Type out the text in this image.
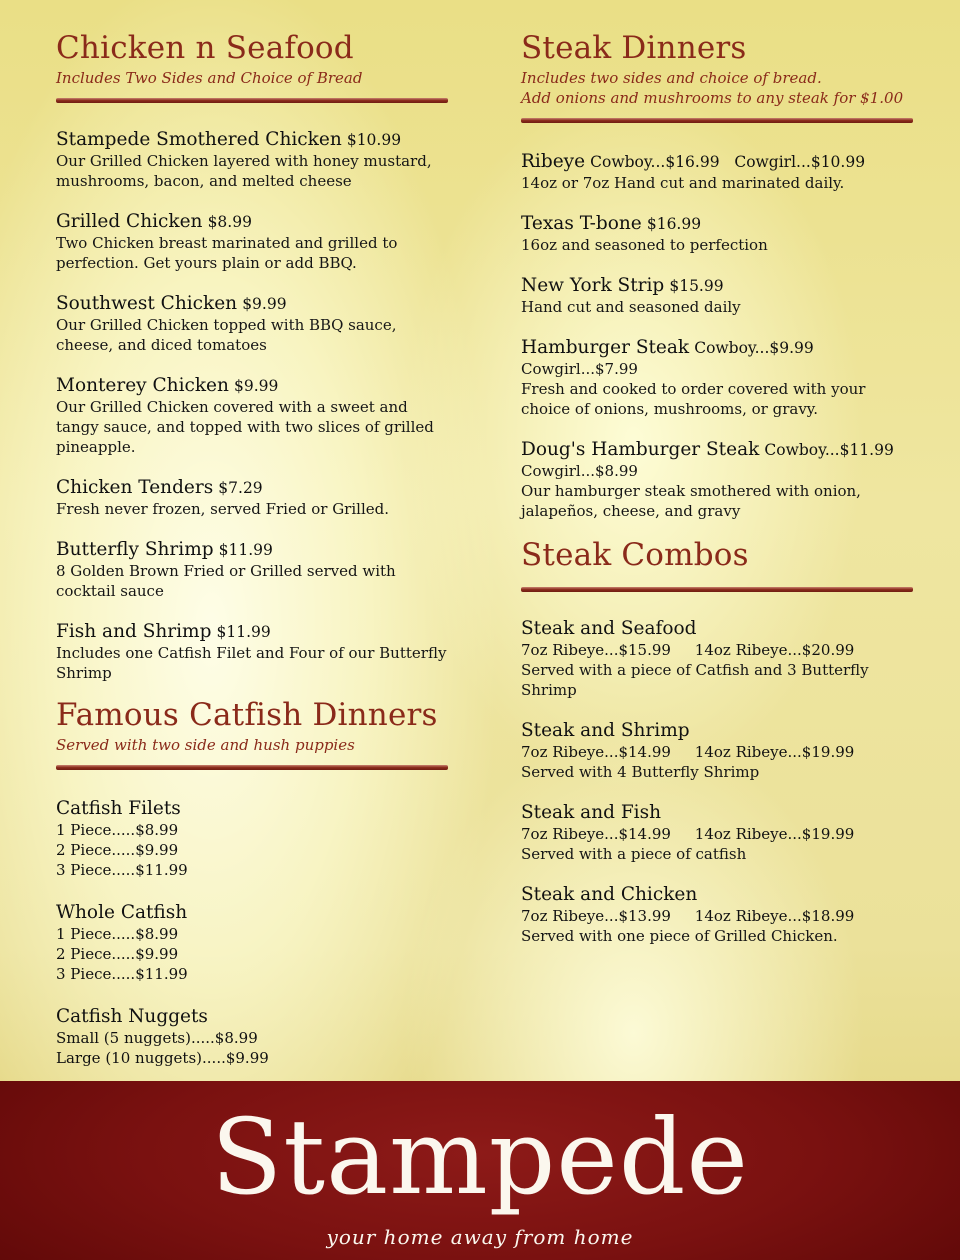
Chicken n Seafood

Includes Two Sides and Choice of Bread

Stampede Smothered Chicken $10.99
Our Grilled Chicken layered with honey mustard, mushrooms, bacon, and melted cheese
Grilled Chicken $8.99
Two Chicken breast marinated and grilled to perfection. Get yours plain or add BBQ.
Southwest Chicken $9.99
Our Grilled Chicken topped with BBQ sauce, cheese, and diced tomatoes
Monterey Chicken $9.99
Our Grilled Chicken covered with a sweet and tangy sauce, and topped with two slices of grilled pineapple.
Chicken Tenders $7.29
Fresh never frozen, served Fried or Grilled.
Butterfly Shrimp $11.99
8 Golden Brown Fried or Grilled served with cocktail sauce
Fish and Shrimp $11.99
Includes one Catfish Filet and Four of our Butterfly Shrimp
Famous Catfish Dinners

Served with two side and hush puppies

Catfish Filets
1 Piece.....$8.99
2 Piece.....$9.99
3 Piece.....$11.99
Whole Catfish
1 Piece.....$8.99
2 Piece.....$9.99
3 Piece.....$11.99
Catfish Nuggets
Small (5 nuggets).....$8.99
Large (10 nuggets).....$9.99
Steak Dinners

Includes two sides and choice of bread.

Add onions and mushrooms to any steak for $1.00

Ribeye Cowboy...$16.99   Cowgirl...$10.99
14oz or 7oz Hand cut and marinated daily.
Texas T-bone $16.99
16oz and seasoned to perfection
New York Strip $15.99
Hand cut and seasoned daily
Hamburger Steak Cowboy...$9.99
Cowgirl...$7.99
Fresh and cooked to order covered with your choice of onions, mushrooms, or gravy.
Doug's Hamburger Steak Cowboy...$11.99
Cowgirl...$8.99
Our hamburger steak smothered with onion, jalapeños, cheese, and gravy
Steak Combos
Steak and Seafood
7oz Ribeye...$15.99     14oz Ribeye...$20.99
Served with a piece of Catfish and 3 Butterfly Shrimp
Steak and Shrimp
7oz Ribeye...$14.99     14oz Ribeye...$19.99
Served with 4 Butterfly Shrimp
Steak and Fish
7oz Ribeye...$14.99     14oz Ribeye...$19.99
Served with a piece of catfish
Steak and Chicken
7oz Ribeye...$13.99     14oz Ribeye...$18.99
Served with one piece of Grilled Chicken.
Stampede
your home away from home
